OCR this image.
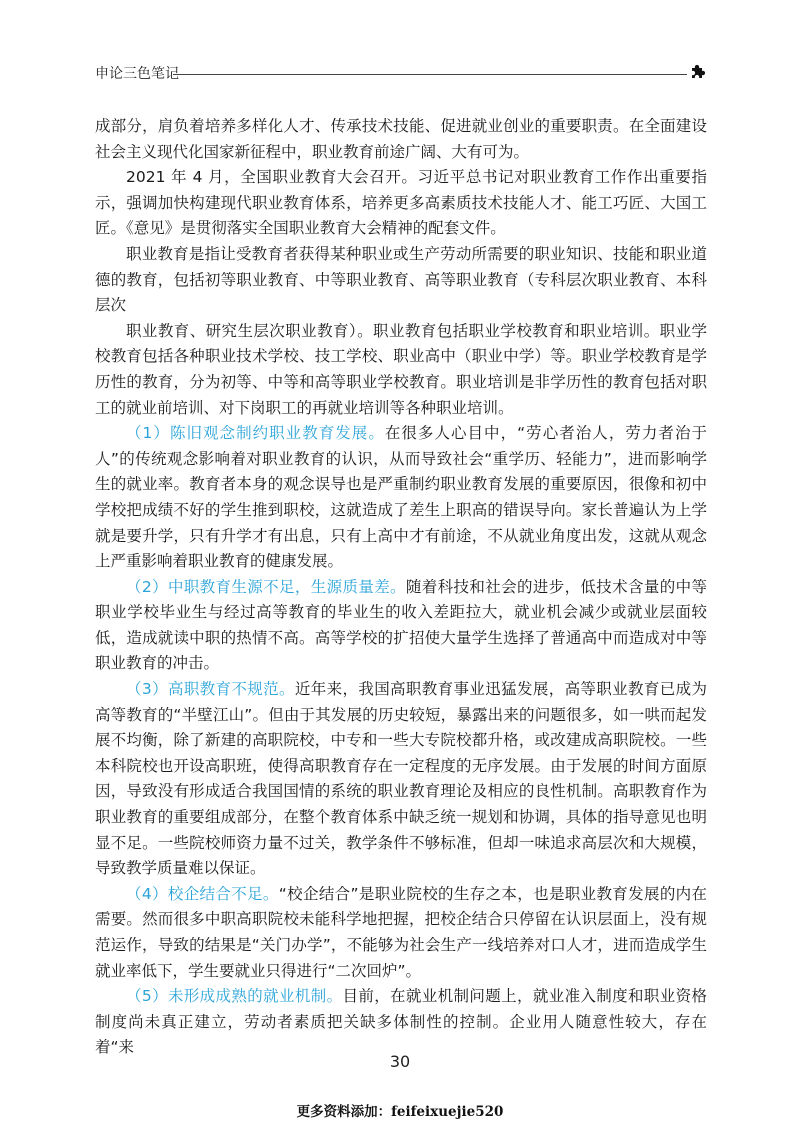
申论三色笔记

成部分，肩负着培养多样化人才、传承技术技能、促进就业创业的重要职责。在全面建设社会主义现代化国家新征程中，职业教育前途广阔、大有可为。

2021 年 4 月，全国职业教育大会召开。习近平总书记对职业教育工作作出重要指示，强调加快构建现代职业教育体系，培养更多高素质技术技能人才、能工巧匠、大国工匠。《意见》是贯彻落实全国职业教育大会精神的配套文件。

职业教育是指让受教育者获得某种职业或生产劳动所需要的职业知识、技能和职业道德的教育，包括初等职业教育、中等职业教育、高等职业教育（专科层次职业教育、本科层次

职业教育、研究生层次职业教育）。职业教育包括职业学校教育和职业培训。职业学校教育包括各种职业技术学校、技工学校、职业高中（职业中学）等。职业学校教育是学历性的教育，分为初等、中等和高等职业学校教育。职业培训是非学历性的教育包括对职工的就业前培训、对下岗职工的再就业培训等各种职业培训。

（1）陈旧观念制约职业教育发展。在很多人心目中，“劳心者治人，劳力者治于人”的传统观念影响着对职业教育的认识，从而导致社会“重学历、轻能力”，进而影响学生的就业率。教育者本身的观念误导也是严重制约职业教育发展的重要原因，很像和初中学校把成绩不好的学生推到职校，这就造成了差生上职高的错误导向。家长普遍认为上学就是要升学，只有升学才有出息，只有上高中才有前途，不从就业角度出发，这就从观念上严重影响着职业教育的健康发展。

（2）中职教育生源不足，生源质量差。随着科技和社会的进步，低技术含量的中等职业学校毕业生与经过高等教育的毕业生的收入差距拉大，就业机会减少或就业层面较低，造成就读中职的热情不高。高等学校的扩招使大量学生选择了普通高中而造成对中等职业教育的冲击。

（3）高职教育不规范。近年来，我国高职教育事业迅猛发展，高等职业教育已成为高等教育的“半壁江山”。但由于其发展的历史较短，暴露出来的问题很多，如一哄而起发展不均衡，除了新建的高职院校，中专和一些大专院校都升格，或改建成高职院校。一些本科院校也开设高职班，使得高职教育存在一定程度的无序发展。由于发展的时间方面原因，导致没有形成适合我国国情的系统的职业教育理论及相应的良性机制。高职教育作为职业教育的重要组成部分，在整个教育体系中缺乏统一规划和协调，具体的指导意见也明显不足。一些院校师资力量不过关，教学条件不够标准，但却一味追求高层次和大规模，导致教学质量难以保证。

（4）校企结合不足。“校企结合”是职业院校的生存之本，也是职业教育发展的内在需要。然而很多中职高职院校未能科学地把握，把校企结合只停留在认识层面上，没有规范运作，导致的结果是“关门办学”，不能够为社会生产一线培养对口人才，进而造成学生就业率低下，学生要就业只得进行“二次回炉”。

（5）未形成成熟的就业机制。目前，在就业机制问题上，就业准入制度和职业资格制度尚未真正建立，劳动者素质把关缺多体制性的控制。企业用人随意性较大，存在着“来

30
更多资料添加：feifeixuejie520
